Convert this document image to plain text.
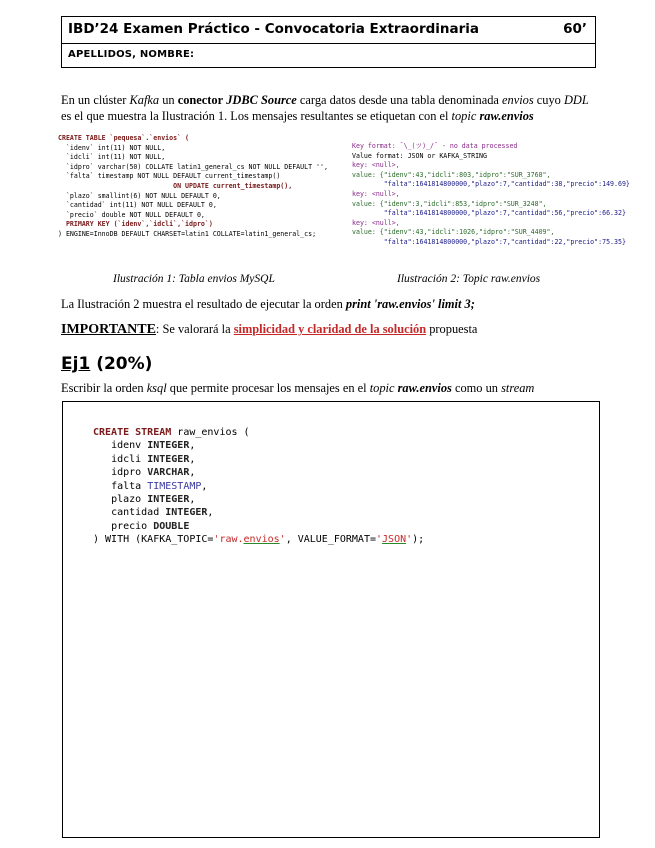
IBD’24 Examen Práctico - Convocatoria Extraordinaria	60’
APELLIDOS, NOMBRE:
En un clúster Kafka un conector JDBC Source carga datos desde una tabla denominada envios cuyo DDL es el que muestra la Ilustración 1. Los mensajes resultantes se etiquetan con el topic raw.envios
CREATE TABLE `pequesa`.`envios` (
`idenv` int(11) NOT NULL,
`idcli` int(11) NOT NULL,
`idpro` varchar(50) COLLATE latin1_general_cs NOT NULL DEFAULT '',
`falta` timestamp NOT NULL DEFAULT current_timestamp()
ON UPDATE current_timestamp(),
`plazo` smallint(6) NOT NULL DEFAULT 0,
`cantidad` int(11) NOT NULL DEFAULT 0,
`precio` double NOT NULL DEFAULT 0,
PRIMARY KEY (`idenv`,`idcli`,`idpro`)
) ENGINE=InnoDB DEFAULT CHARSET=latin1 COLLATE=latin1_general_cs;
Key format: ¯\_(ツ)_/¯ - no data processed
Value format: JSON or KAFKA_STRING
key: <null>,
value: {"idenv":43,"idcli":803,"idpro":"SUR_3768",
"falta":1641814800000,"plazo":7,"cantidad":38,"precio":149.69}
key: <null>,
value: {"idenv":3,"idcli":853,"idpro":"SUR_3248",
"falta":1641814800000,"plazo":7,"cantidad":56,"precio":66.32}
key: <null>,
value: {"idenv":43,"idcli":1026,"idpro":"SUR_4409",
"falta":1641814800000,"plazo":7,"cantidad":22,"precio":75.35}
Ilustración 1: Tabla envios MySQL	Ilustración 2: Topic raw.envios
La Ilustración 2 muestra el resultado de ejecutar la orden print 'raw.envios' limit 3;
IMPORTANTE: Se valorará la simplicidad y claridad de la solución propuesta
Ej1 (20%)
Escribir la orden ksql que permite procesar los mensajes en el topic raw.envios como un stream
CREATE STREAM raw_envios (
idenv INTEGER,
idcli INTEGER,
idpro VARCHAR,
falta TIMESTAMP,
plazo INTEGER,
cantidad INTEGER,
precio DOUBLE
) WITH (KAFKA_TOPIC='raw.envios', VALUE_FORMAT='JSON');
